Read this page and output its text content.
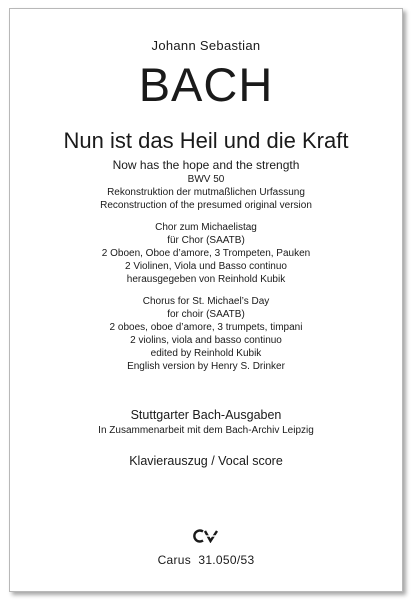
Johann Sebastian
BACH
Nun ist das Heil und die Kraft
Now has the hope and the strength
BWV 50
Rekonstruktion der mutmaßlichen Urfassung
Reconstruction of the presumed original version
Chor zum Michaelistag
für Chor (SAATB)
2 Oboen, Oboe d’amore, 3 Trompeten, Pauken
2 Violinen, Viola und Basso continuo
herausgegeben von Reinhold Kubik
Chorus for St. Michael’s Day
for choir (SAATB)
2 oboes, oboe d’amore, 3 trumpets, timpani
2 violins, viola and basso continuo
edited by Reinhold Kubik
English version by Henry S. Drinker
Stuttgarter Bach-Ausgaben
In Zusammenarbeit mit dem Bach-Archiv Leipzig
Klavierauszug / Vocal score
Carus  31.050/53
